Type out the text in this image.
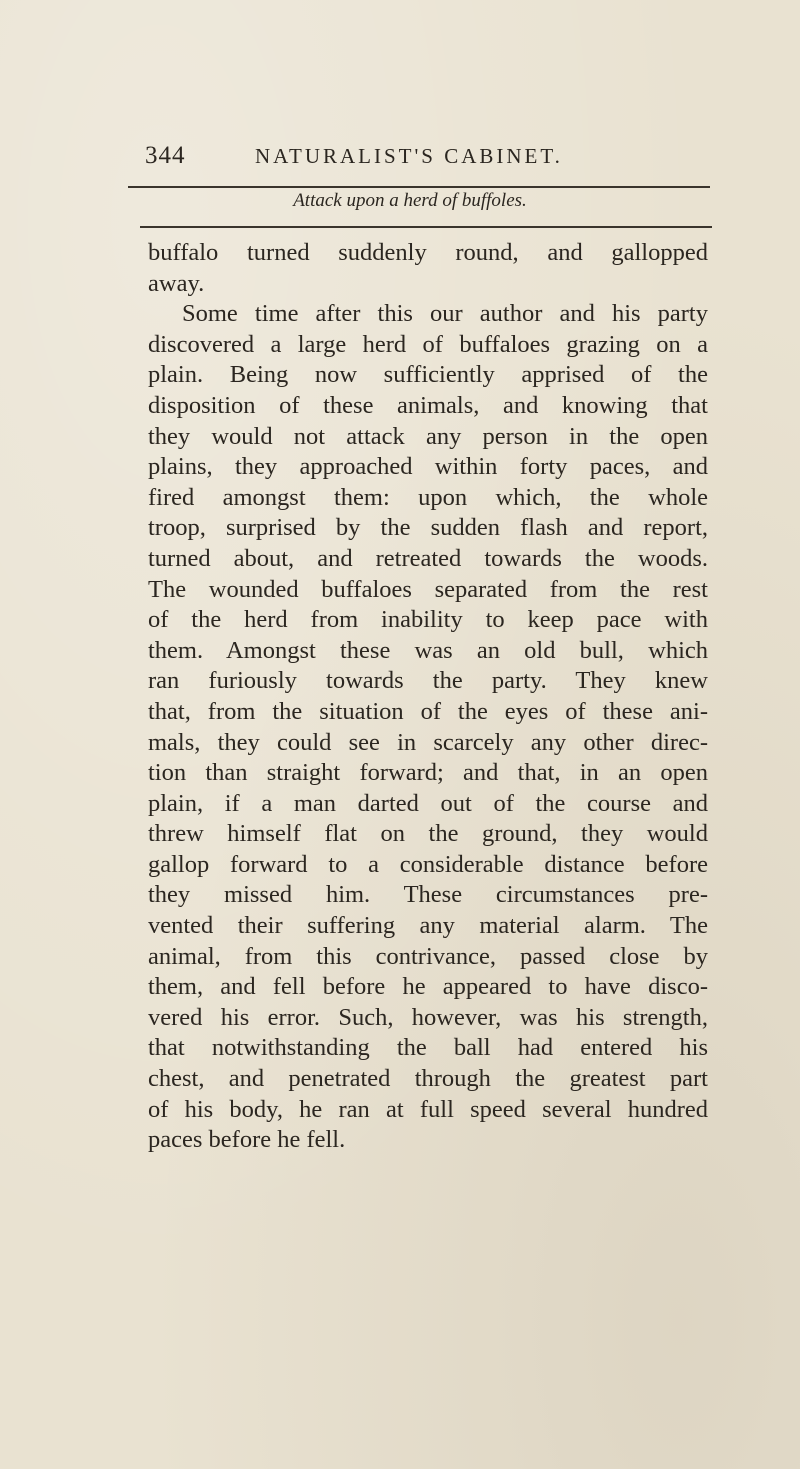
344	NATURALIST'S CABINET.
Attack upon a herd of buffoles.
buffalo turned suddenly round, and gallopped
away.
Some time after this our author and his party
discovered a large herd of buffaloes grazing on a
plain. Being now sufficiently apprised of the
disposition of these animals, and knowing that
they would not attack any person in the open
plains, they approached within forty paces, and
fired amongst them: upon which, the whole
troop, surprised by the sudden flash and report,
turned about, and retreated towards the woods.
The wounded buffaloes separated from the rest
of the herd from inability to keep pace with
them. Amongst these was an old bull, which
ran furiously towards the party. They knew
that, from the situation of the eyes of these ani-
mals, they could see in scarcely any other direc-
tion than straight forward; and that, in an open
plain, if a man darted out of the course and
threw himself flat on the ground, they would
gallop forward to a considerable distance before
they missed him. These circumstances pre-
vented their suffering any material alarm. The
animal, from this contrivance, passed close by
them, and fell before he appeared to have disco-
vered his error. Such, however, was his strength,
that notwithstanding the ball had entered his
chest, and penetrated through the greatest part
of his body, he ran at full speed several hundred
paces before he fell.
